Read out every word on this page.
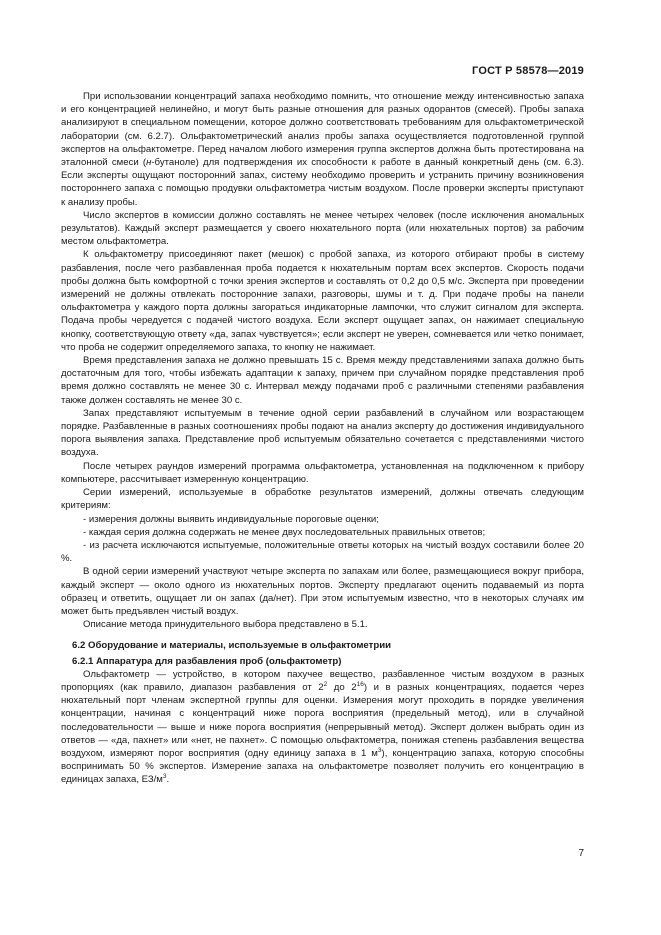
ГОСТ Р 58578—2019

При использовании концентраций запаха необходимо помнить, что отношение между интенсивностью запаха и его концентрацией нелинейно, и могут быть разные отношения для разных одорантов (смесей). Пробы запаха анализируют в специальном помещении, которое должно соответствовать требованиям для ольфактометрической лаборатории (см. 6.2.7). Ольфактометрический анализ пробы запаха осуществляется подготовленной группой экспертов на ольфактометре. Перед началом любого измерения группа экспертов должна быть протестирована на эталонной смеси (н-бутаноле) для подтверждения их способности к работе в данный конкретный день (см. 6.3). Если эксперты ощущают посторонний запах, систему необходимо проверить и устранить причину возникновения постороннего запаха с помощью продувки ольфактометра чистым воздухом. После проверки эксперты приступают к анализу пробы.

Число экспертов в комиссии должно составлять не менее четырех человек (после исключения аномальных результатов). Каждый эксперт размещается у своего нюхательного порта (или нюхательных портов) за рабочим местом ольфактометра.

К ольфактометру присоединяют пакет (мешок) с пробой запаха, из которого отбирают пробы в систему разбавления, после чего разбавленная проба подается к нюхательным портам всех экспертов. Скорость подачи пробы должна быть комфортной с точки зрения экспертов и составлять от 0,2 до 0,5 м/с. Эксперта при проведении измерений не должны отвлекать посторонние запахи, разговоры, шумы и т. д. При подаче пробы на панели ольфактометра у каждого порта должны загораться индикаторные лампочки, что служит сигналом для эксперта. Подача пробы чередуется с подачей чистого воздуха. Если эксперт ощущает запах, он нажимает специальную кнопку, соответствующую ответу «да, запах чувствуется»; если эксперт не уверен, сомневается или четко понимает, что проба не содержит определяемого запаха, то кнопку не нажимает.

Время представления запаха не должно превышать 15 с. Время между представлениями запаха должно быть достаточным для того, чтобы избежать адаптации к запаху, причем при случайном порядке представления проб время должно составлять не менее 30 с. Интервал между подачами проб с различными степенями разбавления также должен составлять не менее 30 с.

Запах представляют испытуемым в течение одной серии разбавлений в случайном или возрастающем порядке. Разбавленные в разных соотношениях пробы подают на анализ эксперту до достижения индивидуального порога выявления запаха. Представление проб испытуемым обязательно сочетается с представлениями чистого воздуха.

После четырех раундов измерений программа ольфактометра, установленная на подключенном к прибору компьютере, рассчитывает измеренную концентрацию.

Серии измерений, используемые в обработке результатов измерений, должны отвечать следующим критериям:

- измерения должны выявить индивидуальные пороговые оценки;

- каждая серия должна содержать не менее двух последовательных правильных ответов;

- из расчета исключаются испытуемые, положительные ответы которых на чистый воздух составили более 20 %.

В одной серии измерений участвуют четыре эксперта по запахам или более, размещающиеся вокруг прибора, каждый эксперт — около одного из нюхательных портов. Эксперту предлагают оценить подаваемый из порта образец и ответить, ощущает ли он запах (да/нет). При этом испытуемым известно, что в некоторых случаях им может быть предъявлен чистый воздух.

Описание метода принудительного выбора представлено в 5.1.

6.2 Оборудование и материалы, используемые в ольфактометрии
6.2.1 Аппаратура для разбавления проб (ольфактометр)

Ольфактометр — устройство, в котором пахучее вещество, разбавленное чистым воздухом в разных пропорциях (как правило, диапазон разбавления от $2^2$ до $2^{16}$) и в разных концентрациях, подается через нюхательный порт членам экспертной группы для оценки. Измерения могут проходить в порядке увеличения концентрации, начиная с концентраций ниже порога восприятия (предельный метод), или в случайной последовательности — выше и ниже порога восприятия (непрерывный метод). Эксперт должен выбрать один из ответов — «да, пахнет» или «нет, не пахнет». С помощью ольфактометра, понижая степень разбавления вещества воздухом, измеряют порог восприятия (одну единицу запаха в 1 $м^3$), концентрацию запаха, которую способны воспринимать 50 % экспертов. Измерение запаха на ольфактометре позволяет получить его концентрацию в единицах запаха, $ЕЗ/м^3$.

7
